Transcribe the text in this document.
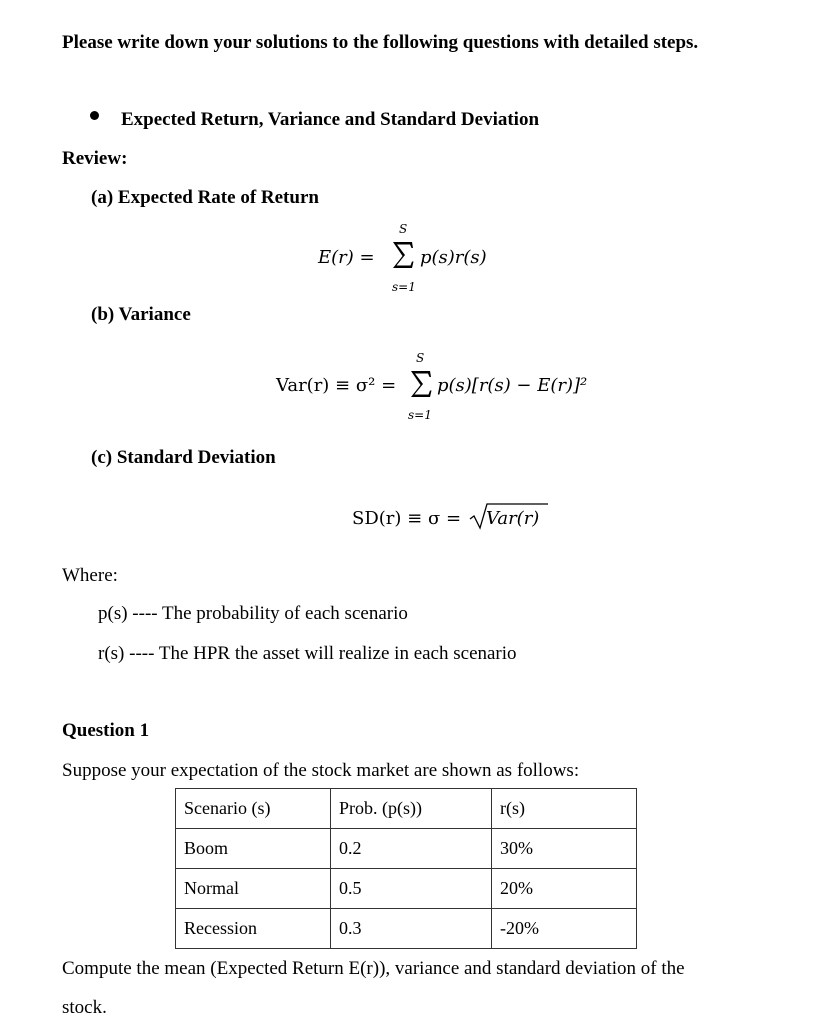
Please write down your solutions to the following questions with detailed steps.
Expected Return, Variance and Standard Deviation
Review:
(a) Expected Rate of Return
E(r) =
S
s=1
p(s)r(s)
(b) Variance
Var(r) ≡ σ² =
S
s=1
p(s)[r(s) − E(r)]²
(c) Standard Deviation
SD(r) ≡ σ = Var(r)
Where:
p(s) ---- The probability of each scenario
r(s) ---- The HPR the asset will realize in each scenario
Question 1
Suppose your expectation of the stock market are shown as follows:
Scenario (s)	Prob. (p(s))	r(s)
Boom	0.2	30%
Normal	0.5	20%
Recession	0.3	-20%
Compute the mean (Expected Return E(r)), variance and standard deviation of the
stock.
